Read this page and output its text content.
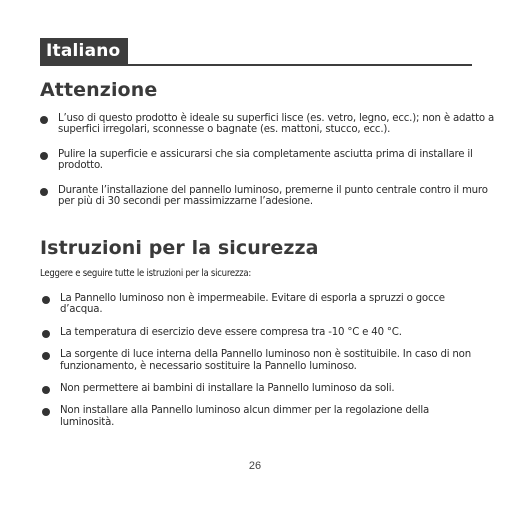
Italiano
Attenzione
L’uso di questo prodotto è ideale su superfici lisce (es. vetro, legno, ecc.); non è adatto a superfici irregolari, sconnesse o bagnate (es. mattoni, stucco, ecc.).
Pulire la superficie e assicurarsi che sia completamente asciutta prima di installare il prodotto.
Durante l’installazione del pannello luminoso, premerne il punto centrale contro il muro per più di 30 secondi per massimizzarne l’adesione.
Istruzioni per la sicurezza
Leggere e seguire tutte le istruzioni per la sicurezza:
La Pannello luminoso non è impermeabile. Evitare di esporla a spruzzi o gocce d’acqua.
La temperatura di esercizio deve essere compresa tra -10 °C e 40 °C.
La sorgente di luce interna della Pannello luminoso non è sostituibile. In caso di non funzionamento, è necessario sostituire la Pannello luminoso.
Non permettere ai bambini di installare la Pannello luminoso da soli.
Non installare alla Pannello luminoso alcun dimmer per la regolazione della luminosità.
26
